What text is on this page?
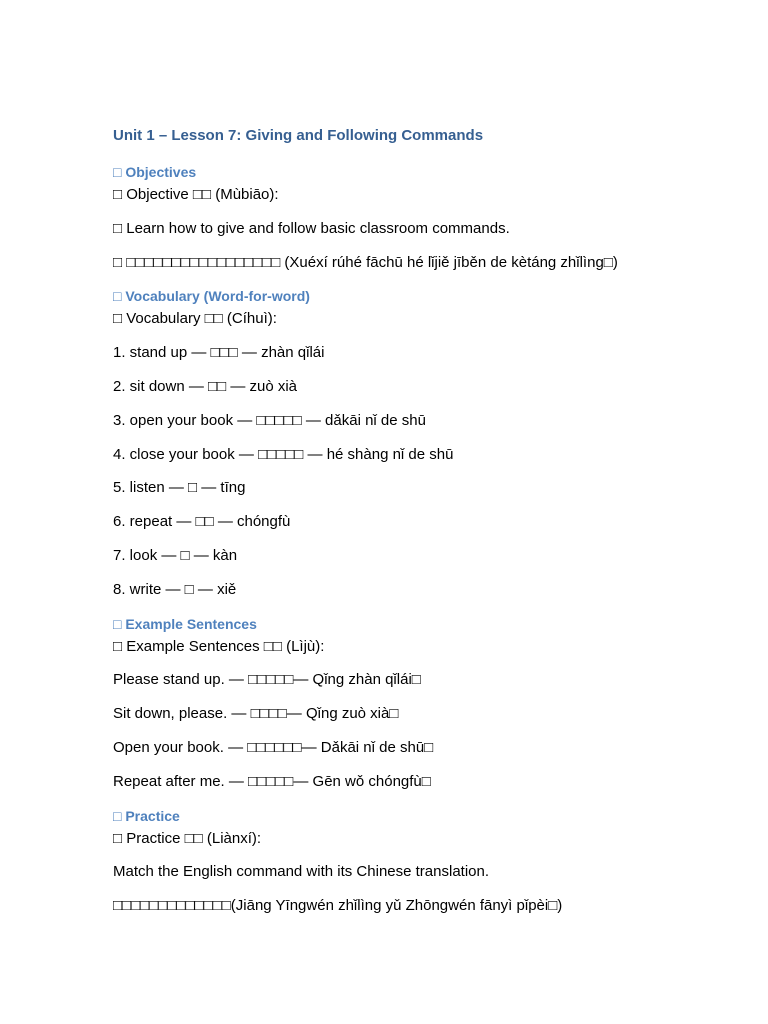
Unit 1 – Lesson 7: Giving and Following Commands
□ Objectives

□ Objective □□ (Mùbiāo):

□ Learn how to give and follow basic classroom commands.

□ □□□□□□□□□□□□□□□□□ (Xuéxí rúhé fāchū hé lǐjiě jīběn de kètáng zhǐlìng□)

□ Vocabulary (Word-for-word)

□ Vocabulary □□ (Cíhuì):

1. stand up — □□□ — zhàn qǐlái

2. sit down — □□ — zuò xià

3. open your book — □□□□□ — dǎkāi nǐ de shū

4. close your book — □□□□□ — hé shàng nǐ de shū

5. listen — □ — tīng

6. repeat — □□ — chóngfù

7. look — □ — kàn

8. write — □ — xiě

□ Example Sentences

□ Example Sentences □□ (Lìjù):

Please stand up. — □□□□□— Qǐng zhàn qǐlái□

Sit down, please. — □□□□— Qǐng zuò xià□

Open your book. — □□□□□□— Dǎkāi nǐ de shū□

Repeat after me. — □□□□□— Gēn wǒ chóngfù□

□ Practice

□ Practice □□ (Liànxí):

Match the English command with its Chinese translation.

□□□□□□□□□□□□□(Jiāng Yīngwén zhǐlìng yǔ Zhōngwén fānyì pǐpèi□)
